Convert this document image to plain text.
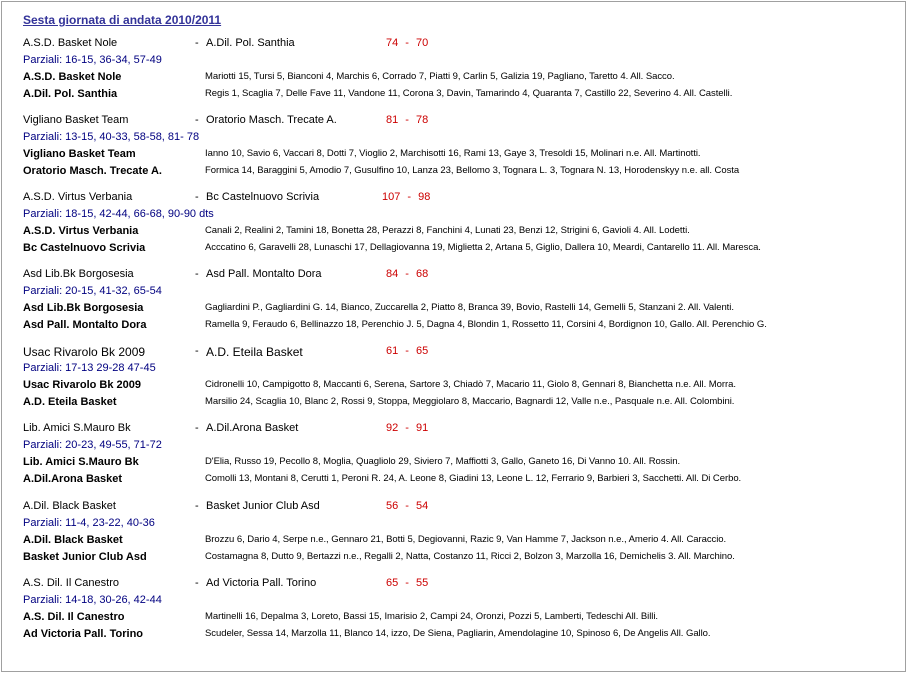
Sesta giornata di andata 2010/2011
A.S.D. Basket Nole	- A.Dil. Pol. Santhia	74 - 70
Parziali: 16-15, 36-34, 57-49
A.S.D. Basket Nole	Mariotti 15, Tursi 5, Bianconi 4, Marchis 6, Corrado 7, Piatti 9, Carlin 5, Galizia 19, Pagliano, Taretto 4. All. Sacco.
A.Dil. Pol. Santhia	Regis 1, Scaglia 7, Delle Fave 11, Vandone 11, Corona 3, Davin, Tamarindo 4, Quaranta 7, Castillo 22, Severino 4. All. Castelli.
Vigliano Basket Team	- Oratorio Masch. Trecate A.	81 - 78
Parziali: 13-15, 40-33, 58-58, 81- 78
Vigliano Basket Team	Ianno 10, Savio 6, Vaccari 8, Dotti 7, Vioglio 2, Marchisotti 16, Rami 13, Gaye 3, Tresoldi 15, Molinari n.e. All. Martinotti.
Oratorio Masch. Trecate A.	Formica 14, Baraggini 5, Amodio 7, Gusulfino 10, Lanza 23, Bellomo 3, Tognara L. 3, Tognara N. 13, Horodenskyy n.e. all. Costa
A.S.D. Virtus Verbania	- Bc Castelnuovo Scrivia	107 - 98
Parziali: 18-15, 42-44, 66-68, 90-90 dts
A.S.D. Virtus Verbania	Canali 2, Realini 2, Tamini 18, Bonetta 28, Perazzi 8, Fanchini 4, Lunati 23, Benzi 12, Strigini 6, Gavioli 4. All. Lodetti.
Bc Castelnuovo Scrivia	Acccatino 6, Garavelli 28, Lunaschi 17, Dellagiovanna 19, Miglietta 2, Artana 5, Giglio, Dallera 10, Meardi, Cantarello 11. All. Maresca.
Asd Lib.Bk Borgosesia	- Asd Pall. Montalto Dora	84 - 68
Parziali: 20-15, 41-32, 65-54
Asd Lib.Bk Borgosesia	Gagliardini P., Gagliardini G. 14, Bianco, Zuccarella 2, Piatto 8, Branca 39, Bovio, Rastelli 14, Gemelli 5, Stanzani 2. All. Valenti.
Asd Pall. Montalto Dora	Ramella 9, Feraudo 6, Bellinazzo 18, Perenchio J. 5, Dagna 4, Blondin 1, Rossetto 11, Corsini 4, Bordignon 10, Gallo. All. Perenchio G.
Usac Rivarolo Bk 2009	- A.D. Eteila Basket	61 - 65
Parziali: 17-13 29-28 47-45
Usac Rivarolo Bk 2009	Cidronelli 10, Campigotto 8, Maccanti 6, Serena, Sartore 3, Chiadò 7, Macario 11, Giolo 8, Gennari 8, Bianchetta n.e. All. Morra.
A.D. Eteila Basket	Marsilio 24, Scaglia 10, Blanc 2, Rossi 9, Stoppa, Meggiolaro 8, Maccario, Bagnardi 12, Valle n.e., Pasquale n.e. All. Colombini.
Lib. Amici S.Mauro Bk	- A.Dil.Arona Basket	92 - 91
Parziali: 20-23, 49-55, 71-72
Lib. Amici S.Mauro Bk	D'Elia, Russo 19, Pecollo 8, Moglia, Quagliolo 29, Siviero 7, Maffiotti 3, Gallo, Ganeto 16, Di Vanno 10. All. Rossin.
A.Dil.Arona Basket	Comolli 13, Montani 8, Cerutti 1, Peroni R. 24, A. Leone 8, Giadini 13, Leone L. 12, Ferrario 9, Barbieri 3, Sacchetti. All. Di Cerbo.
A.Dil. Black Basket	- Basket Junior Club Asd	56 - 54
Parziali: 11-4, 23-22, 40-36
A.Dil. Black Basket	Brozzu 6, Dario 4, Serpe n.e., Gennaro 21, Botti 5, Degiovanni, Razic 9, Van Hamme 7, Jackson n.e., Amerio 4. All. Caraccio.
Basket Junior Club Asd	Costamagna 8, Dutto 9, Bertazzi n.e., Regalli 2, Natta, Costanzo 11, Ricci 2, Bolzon 3, Marzolla 16, Demichelis 3. All. Marchino.
A.S. Dil. Il Canestro	- Ad Victoria Pall. Torino	65 - 55
Parziali: 14-18, 30-26, 42-44
A.S. Dil. Il Canestro	Martinelli 16, Depalma 3, Loreto, Bassi 15, Imarisio 2, Campi 24, Oronzi, Pozzi 5, Lamberti, Tedeschi All. Billi.
Ad Victoria Pall. Torino	Scudeler, Sessa 14, Marzolla 11, Blanco 14, izzo, De Siena, Pagliarin, Amendolagine 10, Spinoso 6, De Angelis All. Gallo.
